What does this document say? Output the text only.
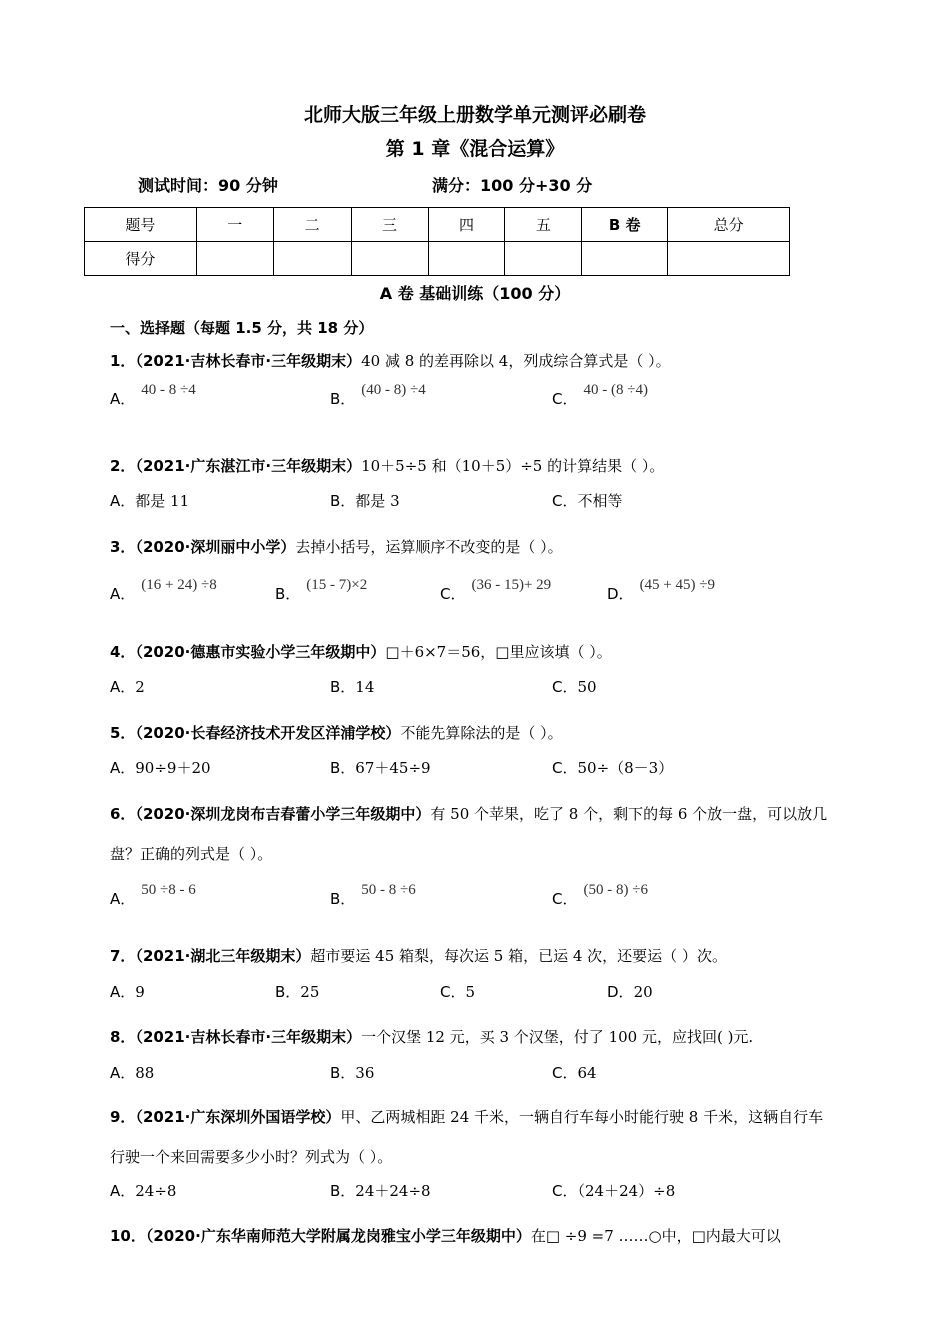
北师大版三年级上册数学单元测评必刷卷
第 1 章《混合运算》
测试时间：90 分钟	满分：100 分+30 分
题号	一	二	三	四	五	B 卷	总分
得分							
A 卷 基础训练（100 分）
一、选择题（每题 1.5 分，共 18 分）
1．（2021·吉林长春市·三年级期末）40 减 8 的差再除以 4，列成综合算式是（ ）。
A． 40 - 8 ÷4	B． (40 - 8) ÷4	C． 40 - (8 ÷4)
2．（2021·广东湛江市·三年级期末）10＋5÷5 和（10＋5）÷5 的计算结果（ ）。
A．都是 11	B．都是 3	C．不相等
3．（2020·深圳丽中小学）去掉小括号，运算顺序不改变的是（ ）。
A． (16 + 24) ÷8	B． (15 - 7)×2	C． (36 - 15)+ 29	D． (45 + 45) ÷9
4．（2020·德惠市实验小学三年级期中）□＋6×7＝56，□里应该填（ ）。
A．2	B．14	C．50
5．（2020·长春经济技术开发区洋浦学校）不能先算除法的是（ ）。
A．90÷9＋20	B．67＋45÷9	C．50÷（8－3）
6．（2020·深圳龙岗布吉春蕾小学三年级期中）有 50 个苹果，吃了 8 个，剩下的每 6 个放一盘，可以放几盘？正确的列式是（ ）。
A． 50 ÷8 - 6	B． 50 - 8 ÷6	C． (50 - 8) ÷6
7．（2021·湖北三年级期末）超市要运 45 箱梨，每次运 5 箱，已运 4 次，还要运（ ）次。
A．9	B．25	C．5	D．20
8．（2021·吉林长春市·三年级期末）一个汉堡 12 元，买 3 个汉堡，付了 100 元，应找回( )元.
A．88	B．36	C．64
9．（2021·广东深圳外国语学校）甲、乙两城相距 24 千米，一辆自行车每小时能行驶 8 千米，这辆自行车行驶一个来回需要多少小时？列式为（ ）。
A．24÷8	B．24＋24÷8	C．（24＋24）÷8
10．（2020·广东华南师范大学附属龙岗雅宝小学三年级期中）在□ ÷9 =7 ……○中，□内最大可以
